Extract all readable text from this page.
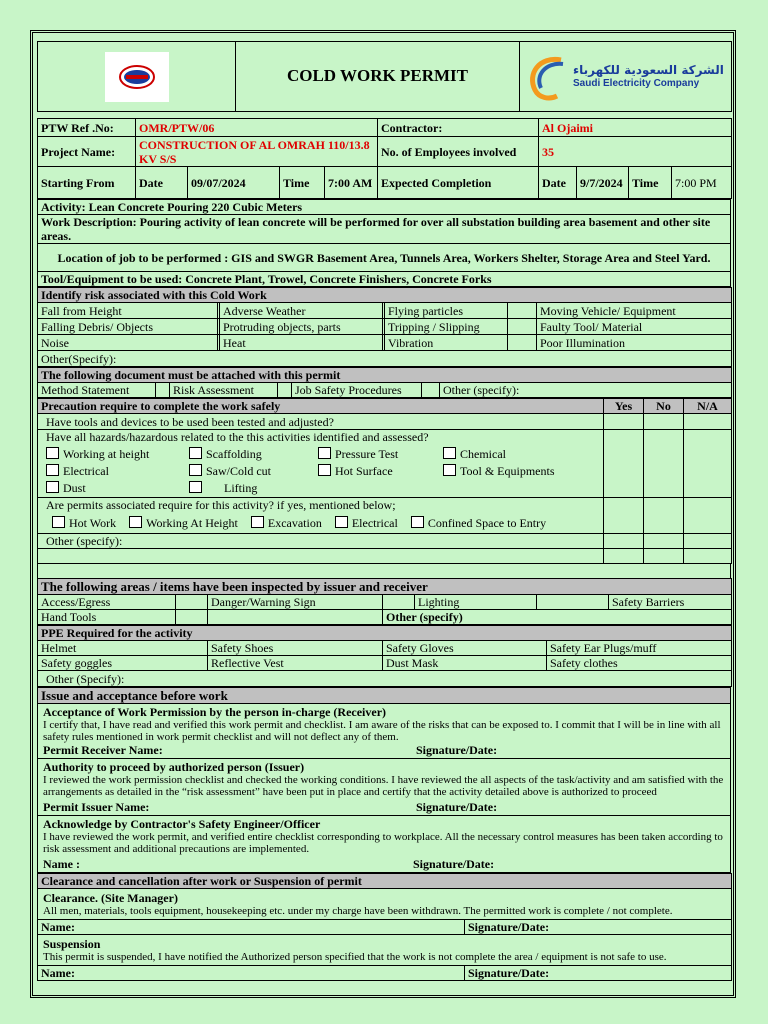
	COLD WORK PERMIT	الشركة السعودية للكهرباء
Saudi Electricity Company
PTW Ref .No:	OMR/PTW/06				Contractor:	Al Ojaimi			
Project Name:	CONSTRUCTION OF AL OMRAH 110/13.8 KV S/S				No. of Employees involved	35			
Starting From	Date	09/07/2024	Time	7:00 AM	Expected Completion	Date	9/7/2024	Time	7:00 PM
Activity: Lean Concrete Pouring 220 Cubic Meters
Work Description: Pouring activity of lean concrete will be performed for over all substation building area basement and other site areas.
Location of job to be performed : GIS and SWGR Basement Area, Tunnels Area, Workers Shelter, Storage Area and Steel Yard.
Tool/Equipment to be used: Concrete Plant, Trowel, Concrete Finishers, Concrete Forks
Identify risk associated with this Cold Work						
Fall from Height		Adverse Weather		Flying particles		Moving Vehicle/ Equipment
Falling Debris/ Objects		Protruding objects, parts		Tripping / Slipping		Faulty Tool/ Material
Noise		Heat		Vibration		Poor Illumination
Other(Specify):						
The following document must be attached with this permit
Method Statement		Risk Assessment		Job Safety Procedures		Other (specify):
Precaution require to complete the work safely	Yes	No	N/A
Have tools and devices to be used been tested and adjusted?			

Have all hazards/hazardous related to the this activities identified and assessed?
Working at height Scaffolding Pressure Test Chemical
Electrical Saw/Cold cut Hot Surface Tool & Equipments
Dust Lifting			

Are permits associated require for this activity? if yes, mentioned below;
Hot Work Working At Height Excavation Electrical Confined Space to Entry			

Other (specify):			

The following areas / items have been inspected by issuer and receiver						
Access/Egress		Danger/Warning Sign		Lighting		Safety Barriers
Hand Tools			Other (specify)			
PPE Required for the activity			
Helmet	Safety Shoes	Safety Gloves	Safety Ear Plugs/muff
Safety goggles	Reflective Vest	Dust Mask	Safety clothes
Other (Specify):			
Issue and acceptance before work

Acceptance of Work Permission by the person in-charge (Receiver)
I certify that, I have read and verified this work permit and checklist. I am aware of the risks that can be exposed to. I commit that I will be in line with all safety rules mentioned in work permit checklist and will not deflect any of them.
Permit Receiver Name:	Signature/Date:

Authority to proceed by authorized person (Issuer)
I reviewed the work permission checklist and checked the working conditions. I have reviewed the all aspects of the task/activity and am satisfied with the arrangements as detailed in the “risk assessment” have been put in place and certify that the activity detailed above is authorized to proceed
Permit Issuer Name:	Signature/Date:

Acknowledge by Contractor's Safety Engineer/Officer
I have reviewed the work permit, and verified entire checklist corresponding to workplace. All the necessary control measures has been taken according to risk assessment and additional precautions are implemented.
Name :	Signature/Date:
Clearance and cancellation after work or Suspension of permit	

Clearance. (Site Manager)
All men, materials, tools equipment, housekeeping etc. under my charge have been withdrawn. The permitted work is complete / not complete.	

Name:	Signature/Date:

Suspension
This permit is suspended, I have notified the Authorized person specified that the work is not complete the area / equipment is not safe to use.	

Name:	Signature/Date:
